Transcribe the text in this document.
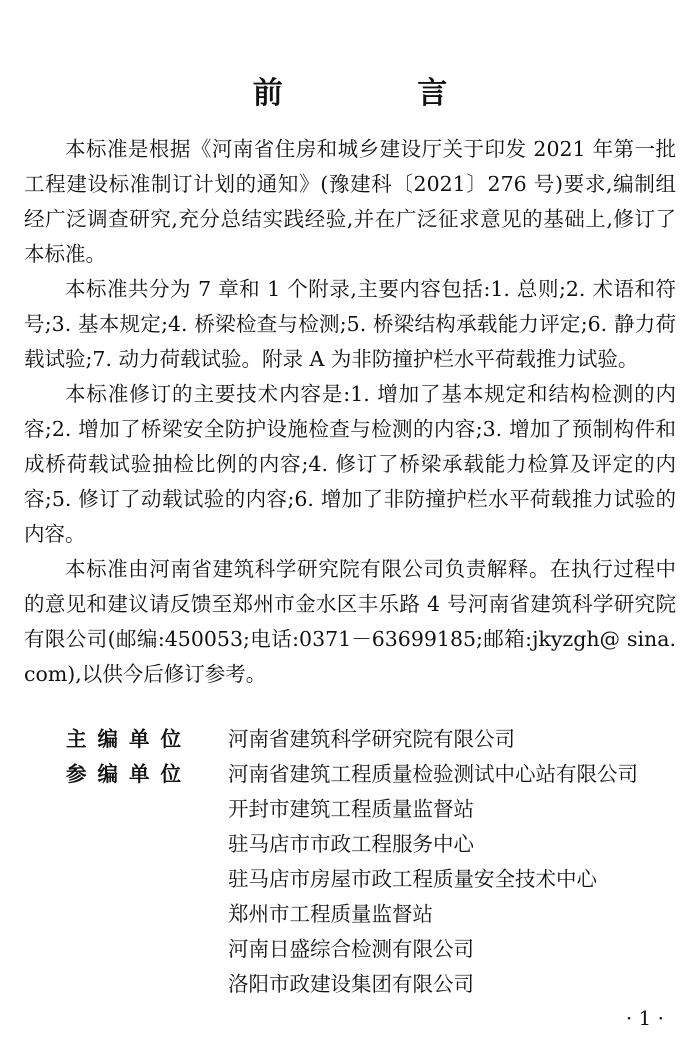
前 言

本标准是根据《河南省住房和城乡建设厅关于印发 2021 年第一批工程建设标准制订计划的通知》(豫建科〔2021〕276 号)要求,编制组经广泛调查研究,充分总结实践经验,并在广泛征求意见的基础上,修订了本标准。

本标准共分为 7 章和 1 个附录,主要内容包括:1. 总则;2. 术语和符号;3. 基本规定;4. 桥梁检查与检测;5. 桥梁结构承载能力评定;6. 静力荷载试验;7. 动力荷载试验。附录 A 为非防撞护栏水平荷载推力试验。

本标准修订的主要技术内容是:1. 增加了基本规定和结构检测的内容;2. 增加了桥梁安全防护设施检查与检测的内容;3. 增加了预制构件和成桥荷载试验抽检比例的内容;4. 修订了桥梁承载能力检算及评定的内容;5. 修订了动载试验的内容;6. 增加了非防撞护栏水平荷载推力试验的内容。

本标准由河南省建筑科学研究院有限公司负责解释。在执行过程中的意见和建议请反馈至郑州市金水区丰乐路 4 号河南省建筑科学研究院有限公司(邮编:450053;电话:0371－63699185;邮箱:jkyzgh@ sina. com),以供今后修订参考。

主编单位	河南省建筑科学研究院有限公司
参编单位	河南省建筑工程质量检验测试中心站有限公司
开封市建筑工程质量监督站
驻马店市市政工程服务中心
驻马店市房屋市政工程质量安全技术中心
郑州市工程质量监督站
河南日盛综合检测有限公司
洛阳市政建设集团有限公司
· 1 ·
